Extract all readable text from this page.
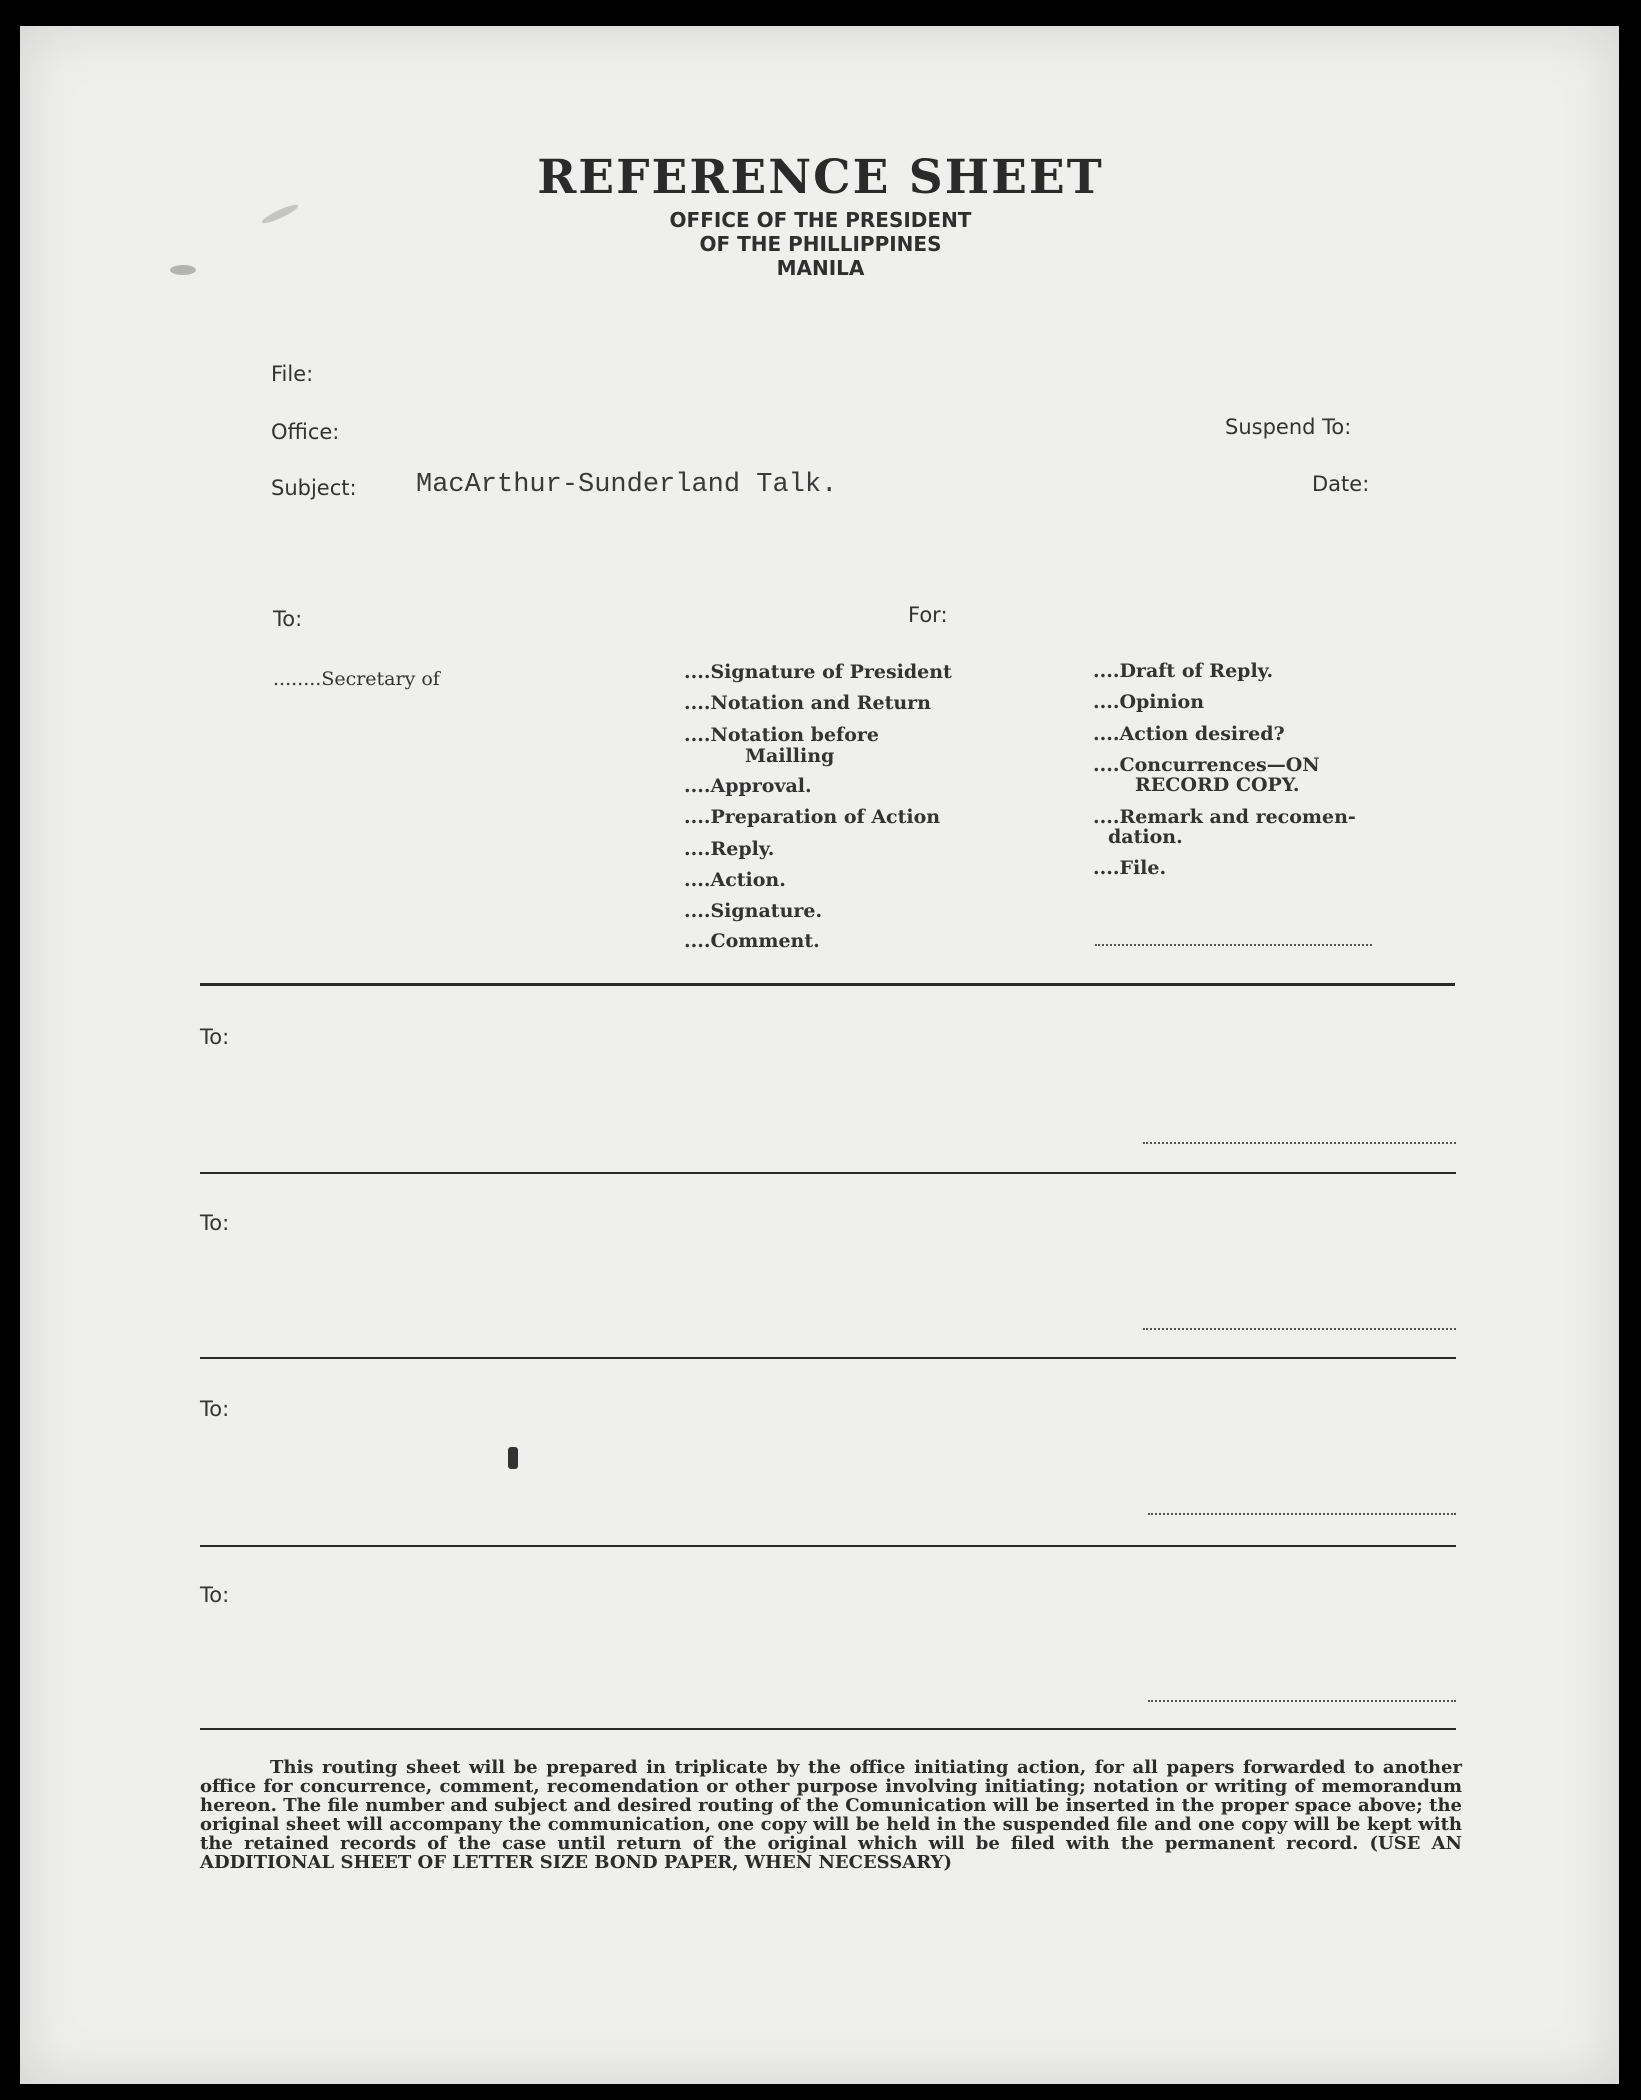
REFERENCE SHEET
OFFICE OF THE PRESIDENT
OF THE PHILLIPPINES
MANILA
File:
Office:
Subject: MacArthur-Sunderland Talk.
Suspend To:
Date:
To:	For:
........Secretary of	....Signature of President
....Notation and Return
....Notation before
Mailling
....Approval.
....Preparation of Action
....Reply.
....Action.
....Signature.
....Comment.
....Draft of Reply.
....Opinion
....Action desired?
....Concurrences—ON
RECORD COPY.
....Remark and recomen-
dation.
....File.
To:
To:
To:
To:

This routing sheet will be prepared in triplicate by the office initiating action, for all papers forwarded to another office for concurrence, comment, recomendation or other purpose involving initiating; notation or writing of memorandum hereon. The file number and subject and desired routing of the Comunication will be inserted in the proper space above; the original sheet will accompany the communication, one copy will be held in the suspended file and one copy will be kept with the retained records of the case until return of the original which will be filed with the permanent record. (USE AN ADDITIONAL SHEET OF LETTER SIZE BOND PAPER, WHEN NECESSARY)
